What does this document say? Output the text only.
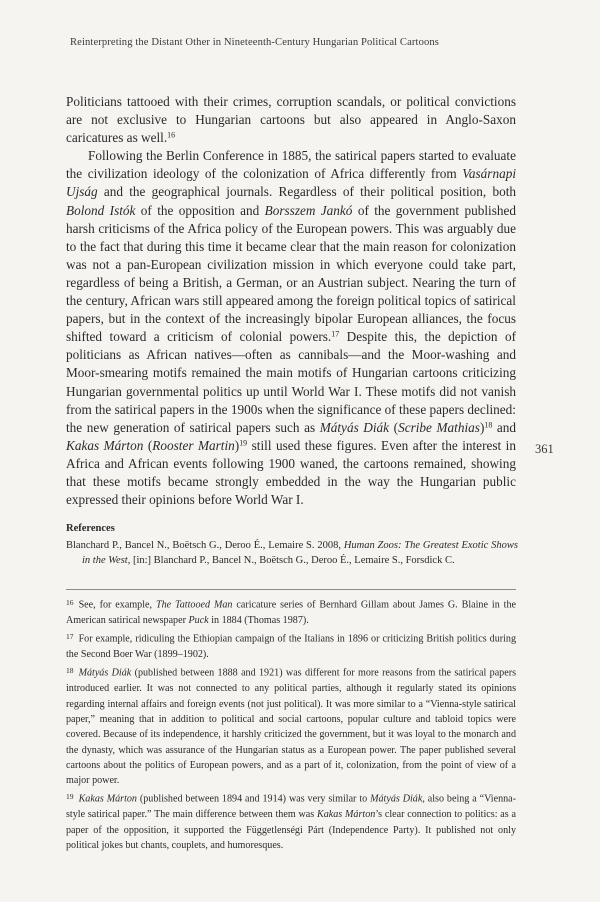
Reinterpreting the Distant Other in Nineteenth-Century Hungarian Political Cartoons

Politicians tattooed with their crimes, corruption scandals, or political convictions are not exclusive to Hungarian cartoons but also appeared in Anglo-Saxon caricatures as well.$^{16}$

Following the Berlin Conference in 1885, the satirical papers started to evaluate the civilization ideology of the colonization of Africa differently from Vasárnapi Ujság and the geographical journals. Regardless of their political position, both Bolond Istók of the opposition and Borsszem Jankó of the government published harsh criticisms of the Africa policy of the European powers. This was arguably due to the fact that during this time it became clear that the main reason for colonization was not a pan-European civilization mission in which everyone could take part, regardless of being a British, a German, or an Austrian subject. Nearing the turn of the century, African wars still appeared among the foreign political topics of satirical papers, but in the context of the increasingly bipolar European alliances, the focus shifted toward a criticism of colonial powers.$^{17}$ Despite this, the depiction of politicians as African natives—often as cannibals—and the Moor-washing and Moor-smearing motifs remained the main motifs of Hungarian cartoons criticizing Hungarian governmental politics up until World War I. These motifs did not vanish from the satirical papers in the 1900s when the significance of these papers declined: the new generation of satirical papers such as Mátyás Diák (Scribe Mathias)$^{18}$ and Kakas Márton (Rooster Martin)$^{19}$ still used these figures. Even after the interest in Africa and African events following 1900 waned, the cartoons remained, showing that these motifs became strongly embedded in the way the Hungarian public expressed their opinions before World War I.

361
References
Blanchard P., Bancel N., Boëtsch G., Deroo É., Lemaire S. 2008, Human Zoos: The Greatest Exotic Shows in the West, [in:] Blanchard P., Bancel N., Boëtsch G., Deroo É., Lemaire S., Forsdick C.

$^{16}$ See, for example, The Tattooed Man caricature series of Bernhard Gillam about James G. Blaine in the American satirical newspaper Puck in 1884 (Thomas 1987).

$^{17}$ For example, ridiculing the Ethiopian campaign of the Italians in 1896 or criticizing British politics during the Second Boer War (1899–1902).

$^{18}$ Mátyás Diák (published between 1888 and 1921) was different for more reasons from the satirical papers introduced earlier. It was not connected to any political parties, although it regularly stated its opinions regarding internal affairs and foreign events (not just political). It was more similar to a “Vienna-style satirical paper,” meaning that in addition to political and social cartoons, popular culture and tabloid topics were covered. Because of its independence, it harshly criticized the government, but it was loyal to the monarch and the dynasty, which was assurance of the Hungarian status as a European power. The paper published several cartoons about the politics of European powers, and as a part of it, colonization, from the point of view of a major power.

$^{19}$ Kakas Márton (published between 1894 and 1914) was very similar to Mátyás Diák, also being a “Vienna-style satirical paper.” The main difference between them was Kakas Márton’s clear connection to politics: as a paper of the opposition, it supported the Függetlenségi Párt (Independence Party). It published not only political jokes but chants, couplets, and humoresques.
